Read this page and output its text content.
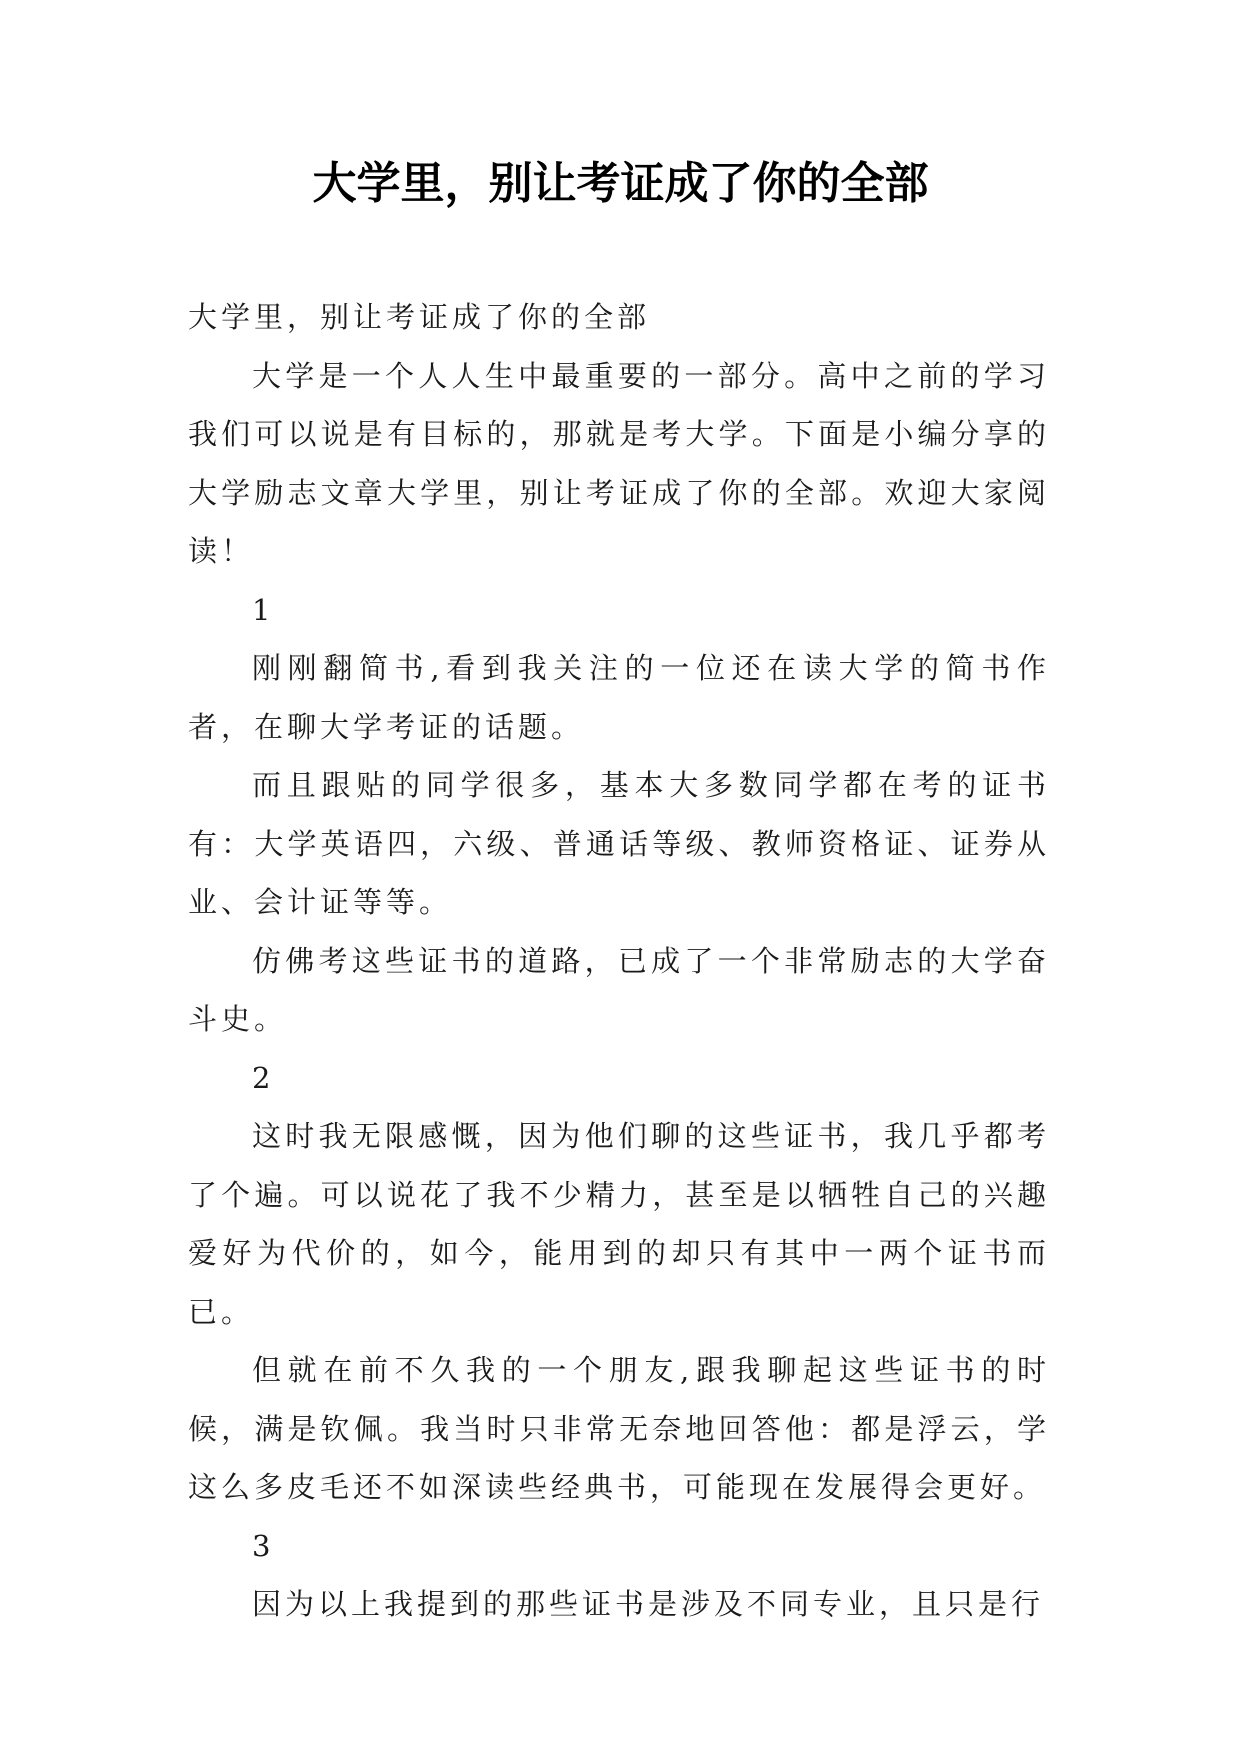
大学里，别让考证成了你的全部

大学里，别让考证成了你的全部

大学是一个人人生中最重要的一部分。高中之前的学习我们可以说是有目标的，那就是考大学。下面是小编分享的大学励志文章大学里，别让考证成了你的全部。欢迎大家阅读！

1

刚刚翻简书,看到我关注的一位还在读大学的简书作者，在聊大学考证的话题。

而且跟贴的同学很多，基本大多数同学都在考的证书有：大学英语四，六级、普通话等级、教师资格证、证券从业、会计证等等。

仿佛考这些证书的道路，已成了一个非常励志的大学奋斗史。

2

这时我无限感慨，因为他们聊的这些证书，我几乎都考了个遍。可以说花了我不少精力，甚至是以牺牲自己的兴趣爱好为代价的，如今，能用到的却只有其中一两个证书而已。

但就在前不久我的一个朋友,跟我聊起这些证书的时候，满是钦佩。我当时只非常无奈地回答他：都是浮云，学这么多皮毛还不如深读些经典书，可能现在发展得会更好。

3

因为以上我提到的那些证书是涉及不同专业，且只是行
